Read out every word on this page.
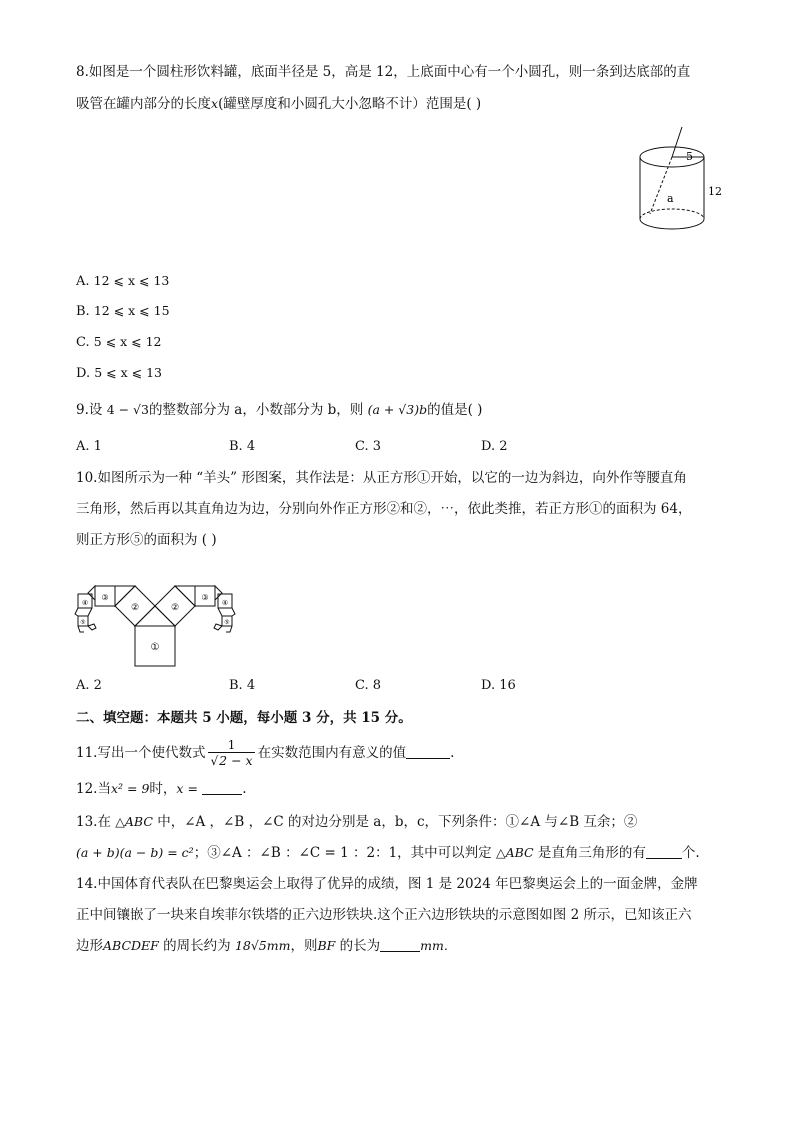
8.如图是一个圆柱形饮料罐，底面半径是 5，高是 12，上底面中心有一个小圆孔，则一条到达底部的直
吸管在罐内部分的长度x(罐壁厚度和小圆孔大小忽略不计）范围是( )
5
12
a
A. 12 ⩽ x ⩽ 13
B. 12 ⩽ x ⩽ 15
C. 5 ⩽ x ⩽ 12
D. 5 ⩽ x ⩽ 13
9.设 4 − √3的整数部分为 a，小数部分为 b，则 (a + √3)b的值是( )
A. 1	B. 4	C. 3	D. 2
10.如图所示为一种 “羊头” 形图案，其作法是：从正方形①开始，以它的一边为斜边，向外作等腰直角
三角形，然后再以其直角边为边，分别向外作正方形②和②，⋯，依此类推，若正方形①的面积为 64，
则正方形⑤的面积为 ( )
①
②	②
③	③
④	④
⑤	⑤
A. 2	B. 4	C. 8	D. 16
二、填空题：本题共 5 小题，每小题 3 分，共 15 分。
11.写出一个使代数式 $\frac{1}{√2 - x}$ 在实数范围内有意义的值	.
12.当x² = 9时，x =	.
13.在 △ABC 中，∠A ，∠B ，∠C 的对边分别是 a，b，c，下列条件：①∠A 与∠B 互余；②
(a + b)(a − b) = c²；③∠A ：∠B ：∠C = 1 ：2：1，其中可以判定 △ABC 是直角三角形的有	个.
14.中国体育代表队在巴黎奥运会上取得了优异的成绩，图 1 是 2024 年巴黎奥运会上的一面金牌，金牌
正中间镶嵌了一块来自埃菲尔铁塔的正六边形铁块.这个正六边形铁块的示意图如图 2 所示，已知该正六
边形ABCDEF 的周长约为 18√5mm，则BF 的长为	mm.
